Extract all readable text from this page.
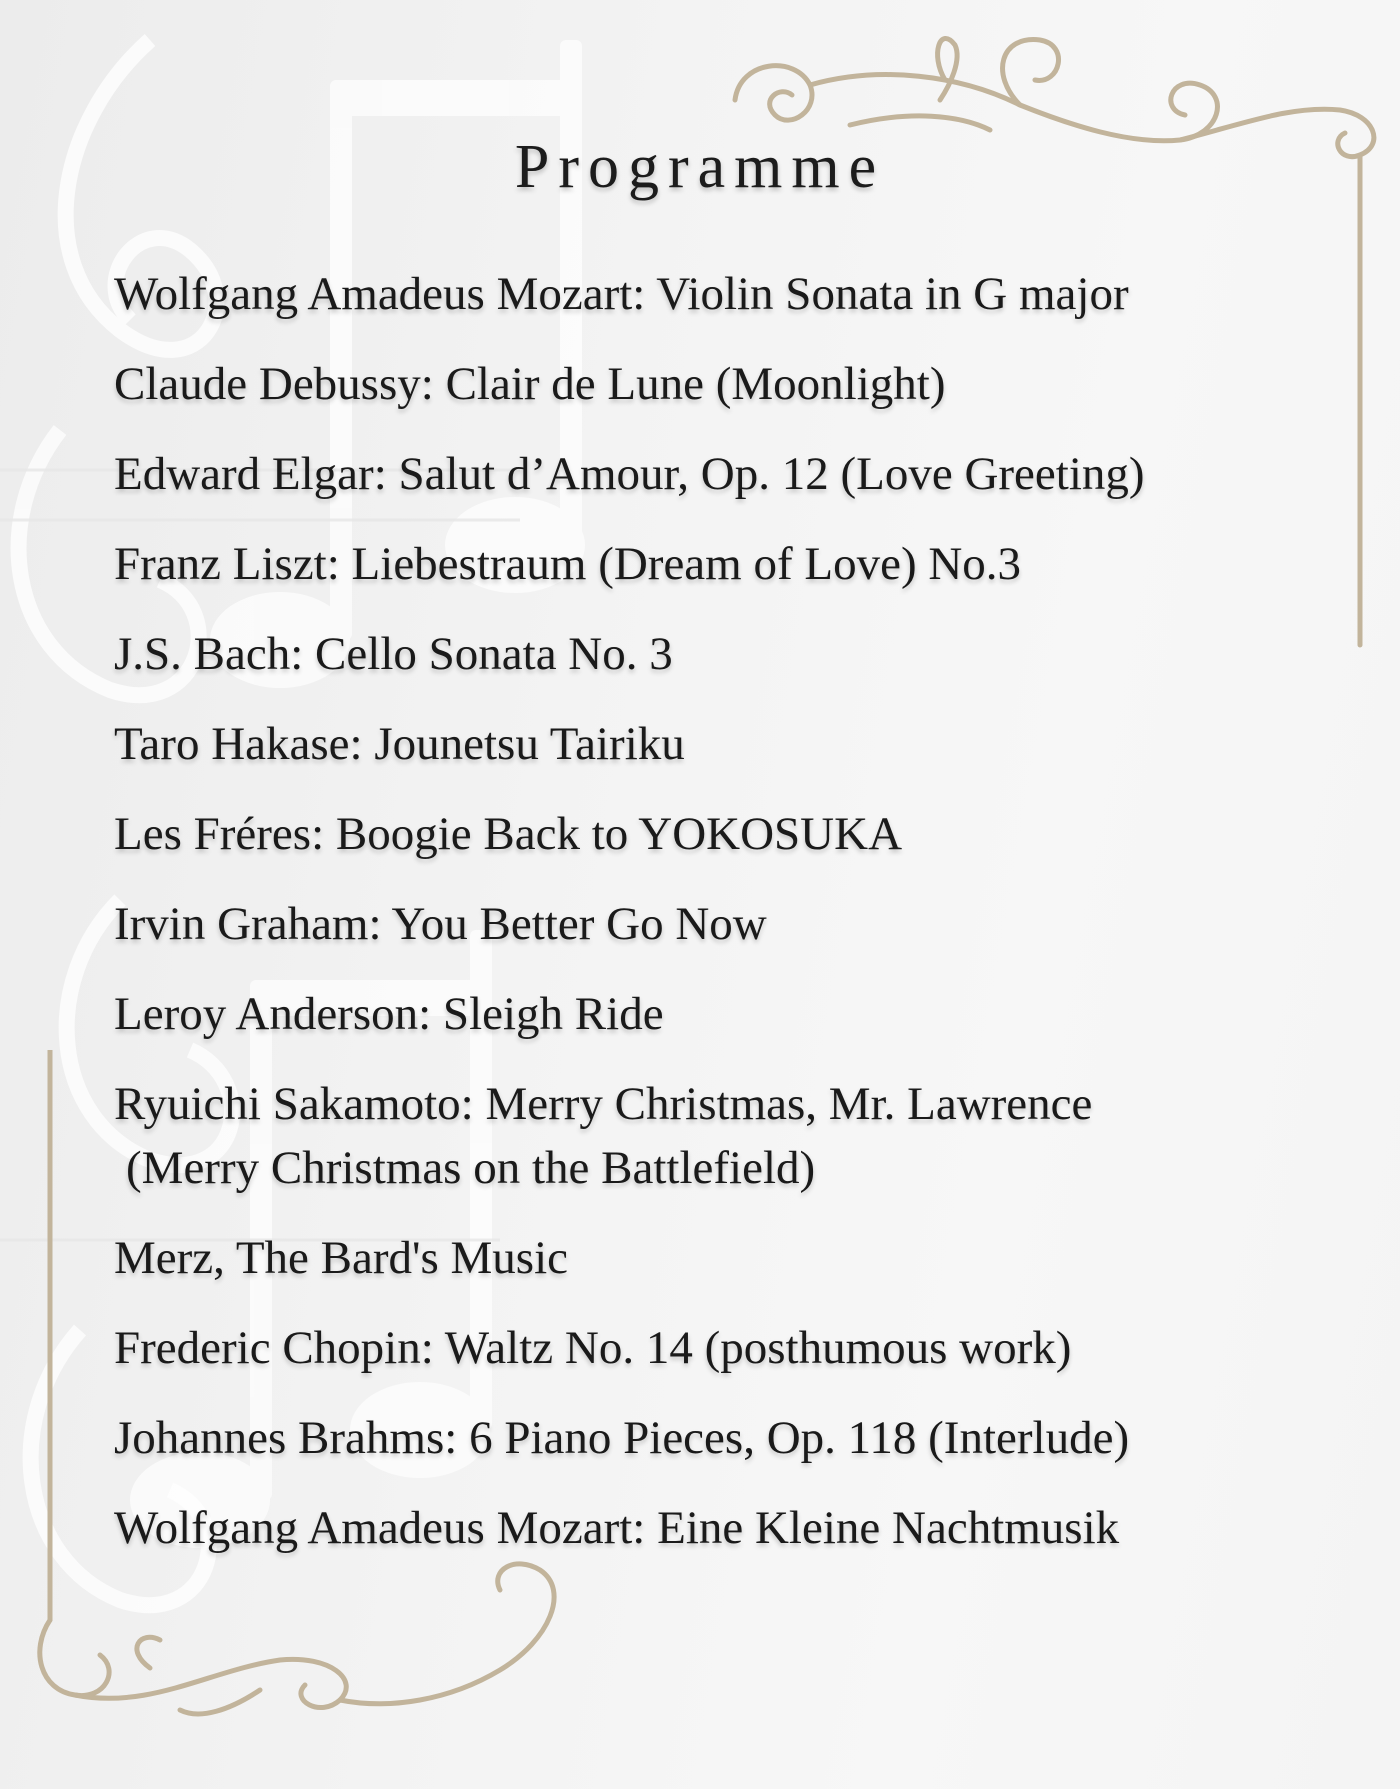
Programme
Wolfgang Amadeus Mozart: Violin Sonata in G major
Claude Debussy: Clair de Lune (Moonlight)
Edward Elgar: Salut d’Amour, Op. 12 (Love Greeting)
Franz Liszt: Liebestraum (Dream of Love) No.3
J.S. Bach: Cello Sonata No. 3
Taro Hakase: Jounetsu Tairiku
Les Fréres: Boogie Back to YOKOSUKA
Irvin Graham: You Better Go Now
Leroy Anderson: Sleigh Ride
Ryuichi Sakamoto: Merry Christmas, Mr. Lawrence
(Merry Christmas on the Battlefield)
Merz, The Bard's Music
Frederic Chopin: Waltz No. 14 (posthumous work)
Johannes Brahms: 6 Piano Pieces, Op. 118 (Interlude)
Wolfgang Amadeus Mozart: Eine Kleine Nachtmusik
